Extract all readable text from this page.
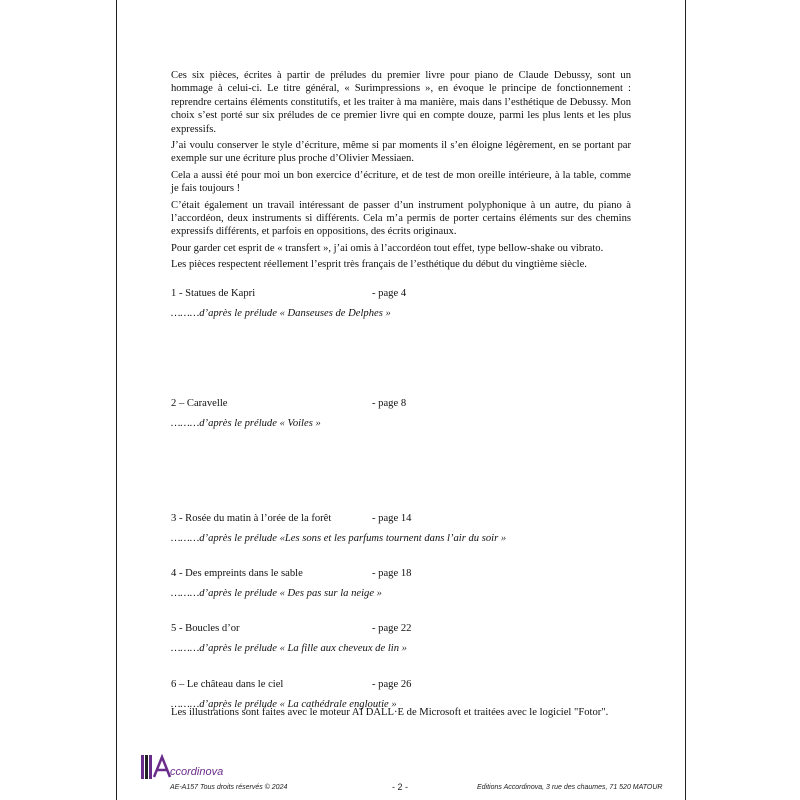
Ces six pièces, écrites à partir de préludes du premier livre pour piano de Claude Debussy, sont un hommage à celui-ci. Le titre général, « Surimpressions », en évoque le principe de fonctionnement : reprendre certains éléments constitutifs, et les traiter à ma manière, mais dans l’esthétique de Debussy. Mon choix s’est porté sur six préludes de ce premier livre qui en compte douze, parmi les plus lents et les plus expressifs.

J’ai voulu conserver le style d’écriture, même si par moments il s’en éloigne légèrement, en se portant par exemple sur une écriture plus proche d’Olivier Messiaen.

Cela a aussi été pour moi un bon exercice d’écriture, et de test de mon oreille intérieure, à la table, comme je fais toujours !

C’était également un travail intéressant de passer d’un instrument polyphonique à un autre, du piano à l’accordéon, deux instruments si différents. Cela m’a permis de porter certains éléments sur des chemins expressifs différents, et parfois en oppositions, des écrits originaux.

Pour garder cet esprit de « transfert », j’ai omis à l’accordéon tout effet, type bellow-shake ou vibrato.

Les pièces respectent réellement l’esprit très français de l’esthétique du début du vingtième siècle.

1 - Statues de Kapri	- page 4
………d’après le prélude « Danseuses de Delphes »
2 – Caravelle	- page 8
………d’après le prélude « Voiles »
3 - Rosée du matin à l’orée de la forêt	- page 14
………d’après le prélude «Les sons et les parfums tournent dans l’air du soir »
4 - Des empreints dans le sable	- page 18
………d’après le prélude « Des pas sur la neige »
5 - Boucles d’or	- page 22
………d’après le prélude « La fille aux cheveux de lin »
6 – Le château dans le ciel	- page 26
………d’après le prélude « La cathédrale engloutie »
Les illustrations sont faites avec le moteur AI DALL·E de Microsoft et traitées avec le logiciel "Fotor".
ccordinova
AE-A157 Tous droits réservés © 2024	- 2 -	Editions Accordinova, 3 rue des chaumes, 71 520 MATOUR
